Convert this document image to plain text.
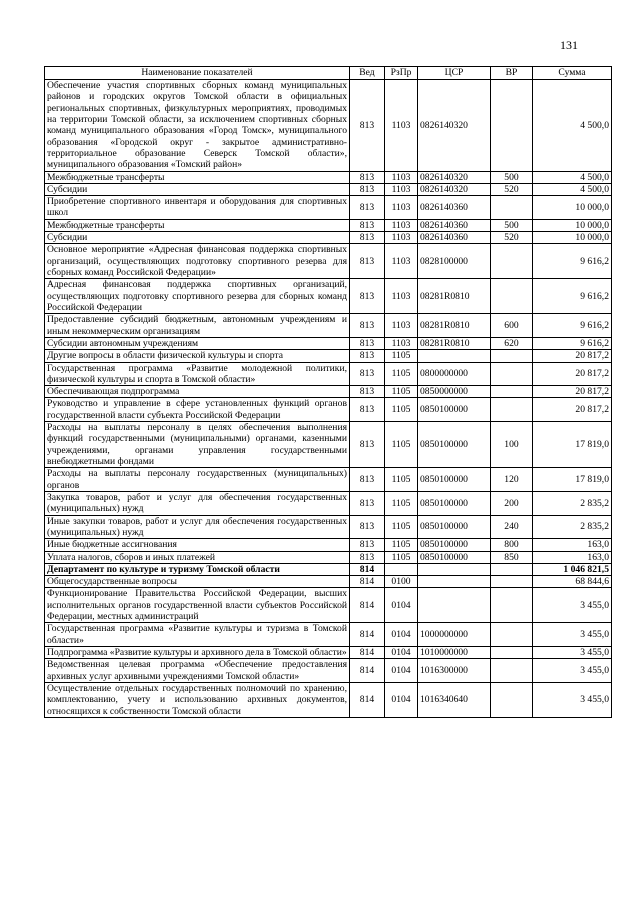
131
Наименование показателей	Вед	РзПр	ЦСР	ВР	Сумма
Обеспечение участия спортивных сборных команд муниципальных районов и городских округов Томской области в официальных региональных спортивных, физкультурных мероприятиях, проводимых на территории Томской области, за исключением спортивных сборных команд муниципального образования «Город Томск», муниципального образования «Городской округ - закрытое административно-территориальное образование Северск Томской области», муниципального образования «Томский район»	813	1103	0826140320		4 500,0
Межбюджетные трансферты	813	1103	0826140320	500	4 500,0
Субсидии	813	1103	0826140320	520	4 500,0
Приобретение спортивного инвентаря и оборудования для спортивных школ	813	1103	0826140360		10 000,0
Межбюджетные трансферты	813	1103	0826140360	500	10 000,0
Субсидии	813	1103	0826140360	520	10 000,0
Основное мероприятие «Адресная финансовая поддержка спортивных организаций, осуществляющих подготовку спортивного резерва для сборных команд Российской Федерации»	813	1103	0828100000		9 616,2
Адресная финансовая поддержка спортивных организаций, осуществляющих подготовку спортивного резерва для сборных команд Российской Федерации	813	1103	08281R0810		9 616,2
Предоставление субсидий бюджетным, автономным учреждениям и иным некоммерческим организациям	813	1103	08281R0810	600	9 616,2
Субсидии автономным учреждениям	813	1103	08281R0810	620	9 616,2
Другие вопросы в области физической культуры и спорта	813	1105			20 817,2
Государственная программа «Развитие молодежной политики, физической культуры и спорта в Томской области»	813	1105	0800000000		20 817,2
Обеспечивающая подпрограмма	813	1105	0850000000		20 817,2
Руководство и управление в сфере установленных функций органов государственной власти субъекта Российской Федерации	813	1105	0850100000		20 817,2
Расходы на выплаты персоналу в целях обеспечения выполнения функций государственными (муниципальными) органами, казенными учреждениями, органами управления государственными внебюджетными фондами	813	1105	0850100000	100	17 819,0
Расходы на выплаты персоналу государственных (муниципальных) органов	813	1105	0850100000	120	17 819,0
Закупка товаров, работ и услуг для обеспечения государственных (муниципальных) нужд	813	1105	0850100000	200	2 835,2
Иные закупки товаров, работ и услуг для обеспечения государственных (муниципальных) нужд	813	1105	0850100000	240	2 835,2
Иные бюджетные ассигнования	813	1105	0850100000	800	163,0
Уплата налогов, сборов и иных платежей	813	1105	0850100000	850	163,0
Департамент по культуре и туризму Томской области	814				1 046 821,5
Общегосударственные вопросы	814	0100			68 844,6
Функционирование Правительства Российской Федерации, высших исполнительных органов государственной власти субъектов Российской Федерации, местных администраций	814	0104			3 455,0
Государственная программа «Развитие культуры и туризма в Томской области»	814	0104	1000000000		3 455,0
Подпрограмма «Развитие культуры и архивного дела в Томской области»	814	0104	1010000000		3 455,0
Ведомственная целевая программа «Обеспечение предоставления архивных услуг архивными учреждениями Томской области»	814	0104	1016300000		3 455,0
Осуществление отдельных государственных полномочий по хранению, комплектованию, учету и использованию архивных документов, относящихся к собственности Томской области	814	0104	1016340640		3 455,0
